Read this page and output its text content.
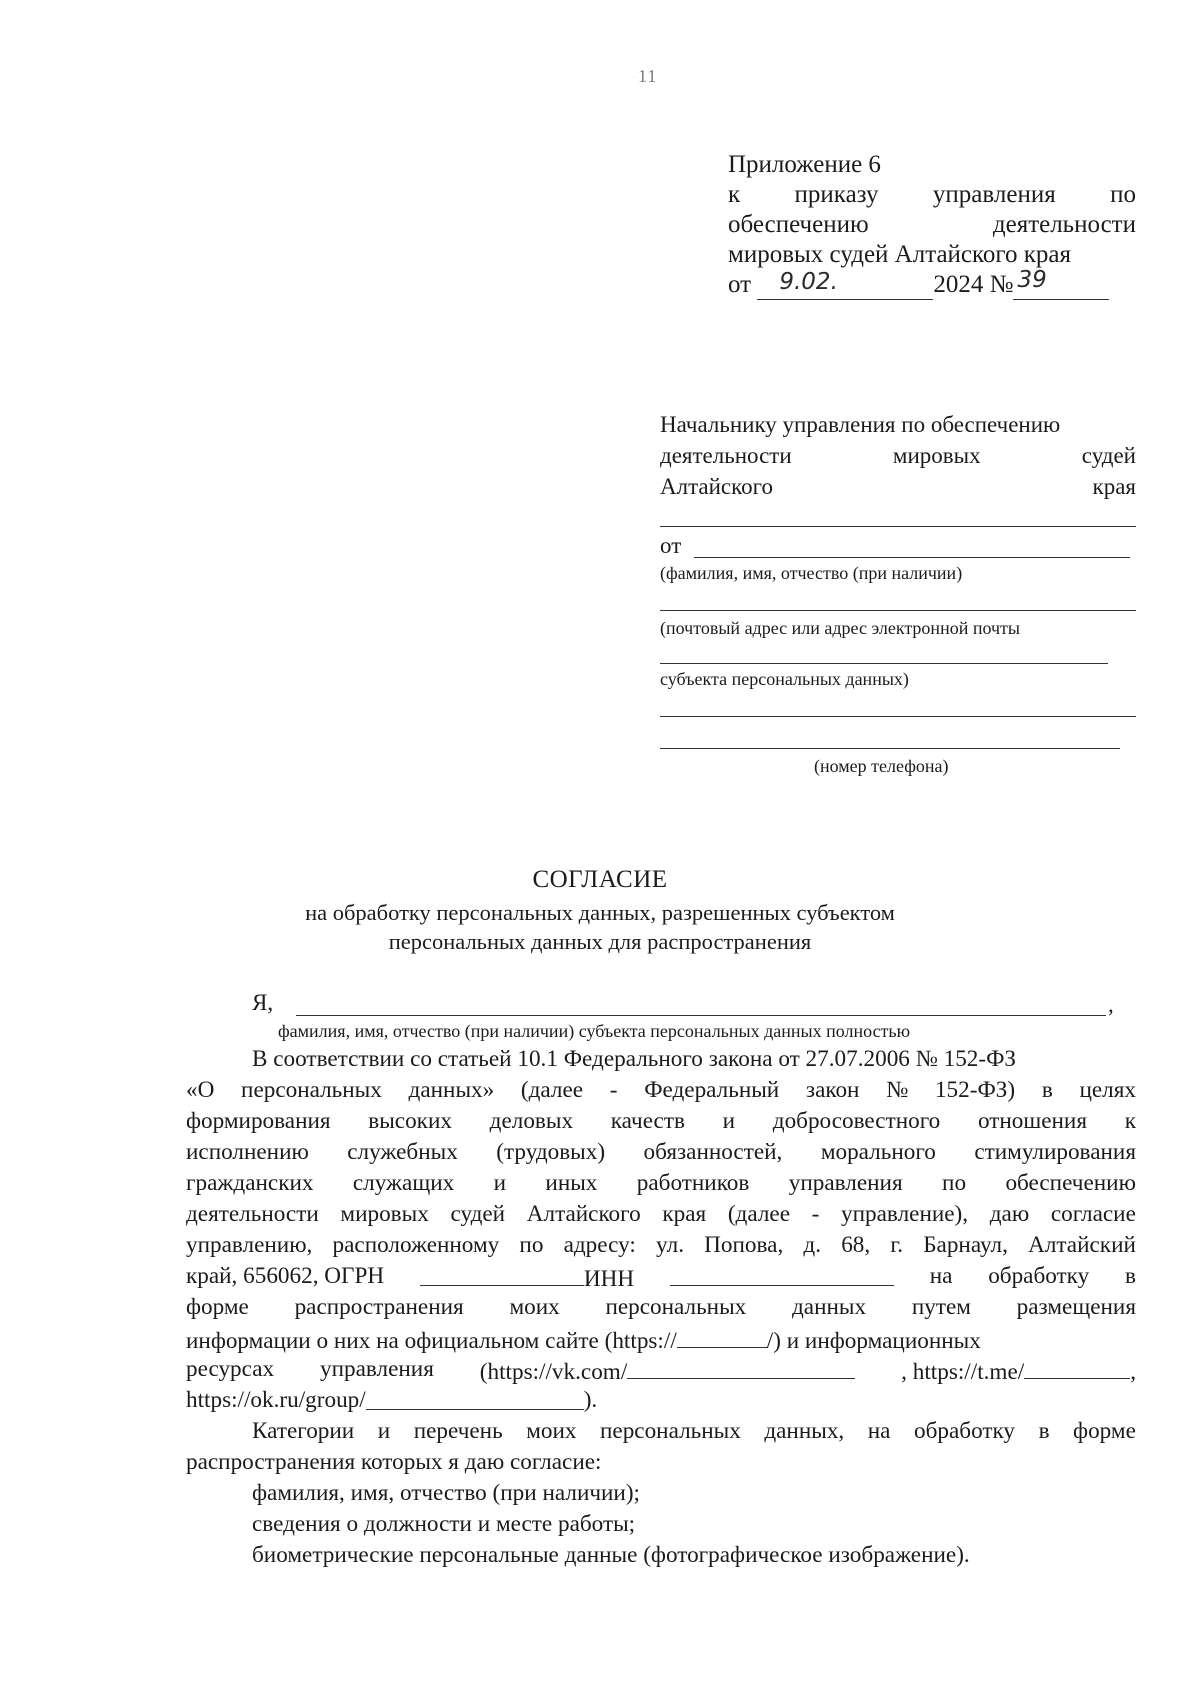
11
Приложение 6
к приказу управления по
обеспечению	деятельности
мировых судей Алтайского края
от 9.02.	2024 № 39
Начальнику управления по обеспечению
деятельности	мировых	судей
Алтайского	края
от
(фамилия, имя, отчество (при наличии)
(почтовый адрес или адрес электронной почты
субъекта персональных данных)
(номер телефона)
СОГЛАСИЕ
на обработку персональных данных, разрешенных субъектом
персональных данных для распространения
Я,	,
фамилия, имя, отчество (при наличии) субъекта персональных данных полностью
В соответствии со статьей 10.1 Федерального закона от 27.07.2006 № 152-ФЗ
«О персональных данных» (далее - Федеральный закон № 152-ФЗ) в целях
формирования высоких деловых качеств и добросовестного отношения к
исполнению служебных (трудовых) обязанностей, морального стимулирования
гражданских служащих и иных работников управления по обеспечению
деятельности мировых судей Алтайского края (далее - управление), даю согласие
управлению, расположенному по адресу: ул. Попова, д. 68, г. Барнаул, Алтайский
край, 656062, ОГРН	ИНН	на обработку в
форме распространения моих персональных данных путем размещения
информации о них на официальном сайте (https://	/) и информационных
ресурсах управления (https://vk.com/	, https://t.me/	,
https://ok.ru/group/	).
Категории и перечень моих персональных данных, на обработку в форме
распространения которых я даю согласие:
фамилия, имя, отчество (при наличии);
сведения о должности и месте работы;
биометрические персональные данные (фотографическое изображение).
